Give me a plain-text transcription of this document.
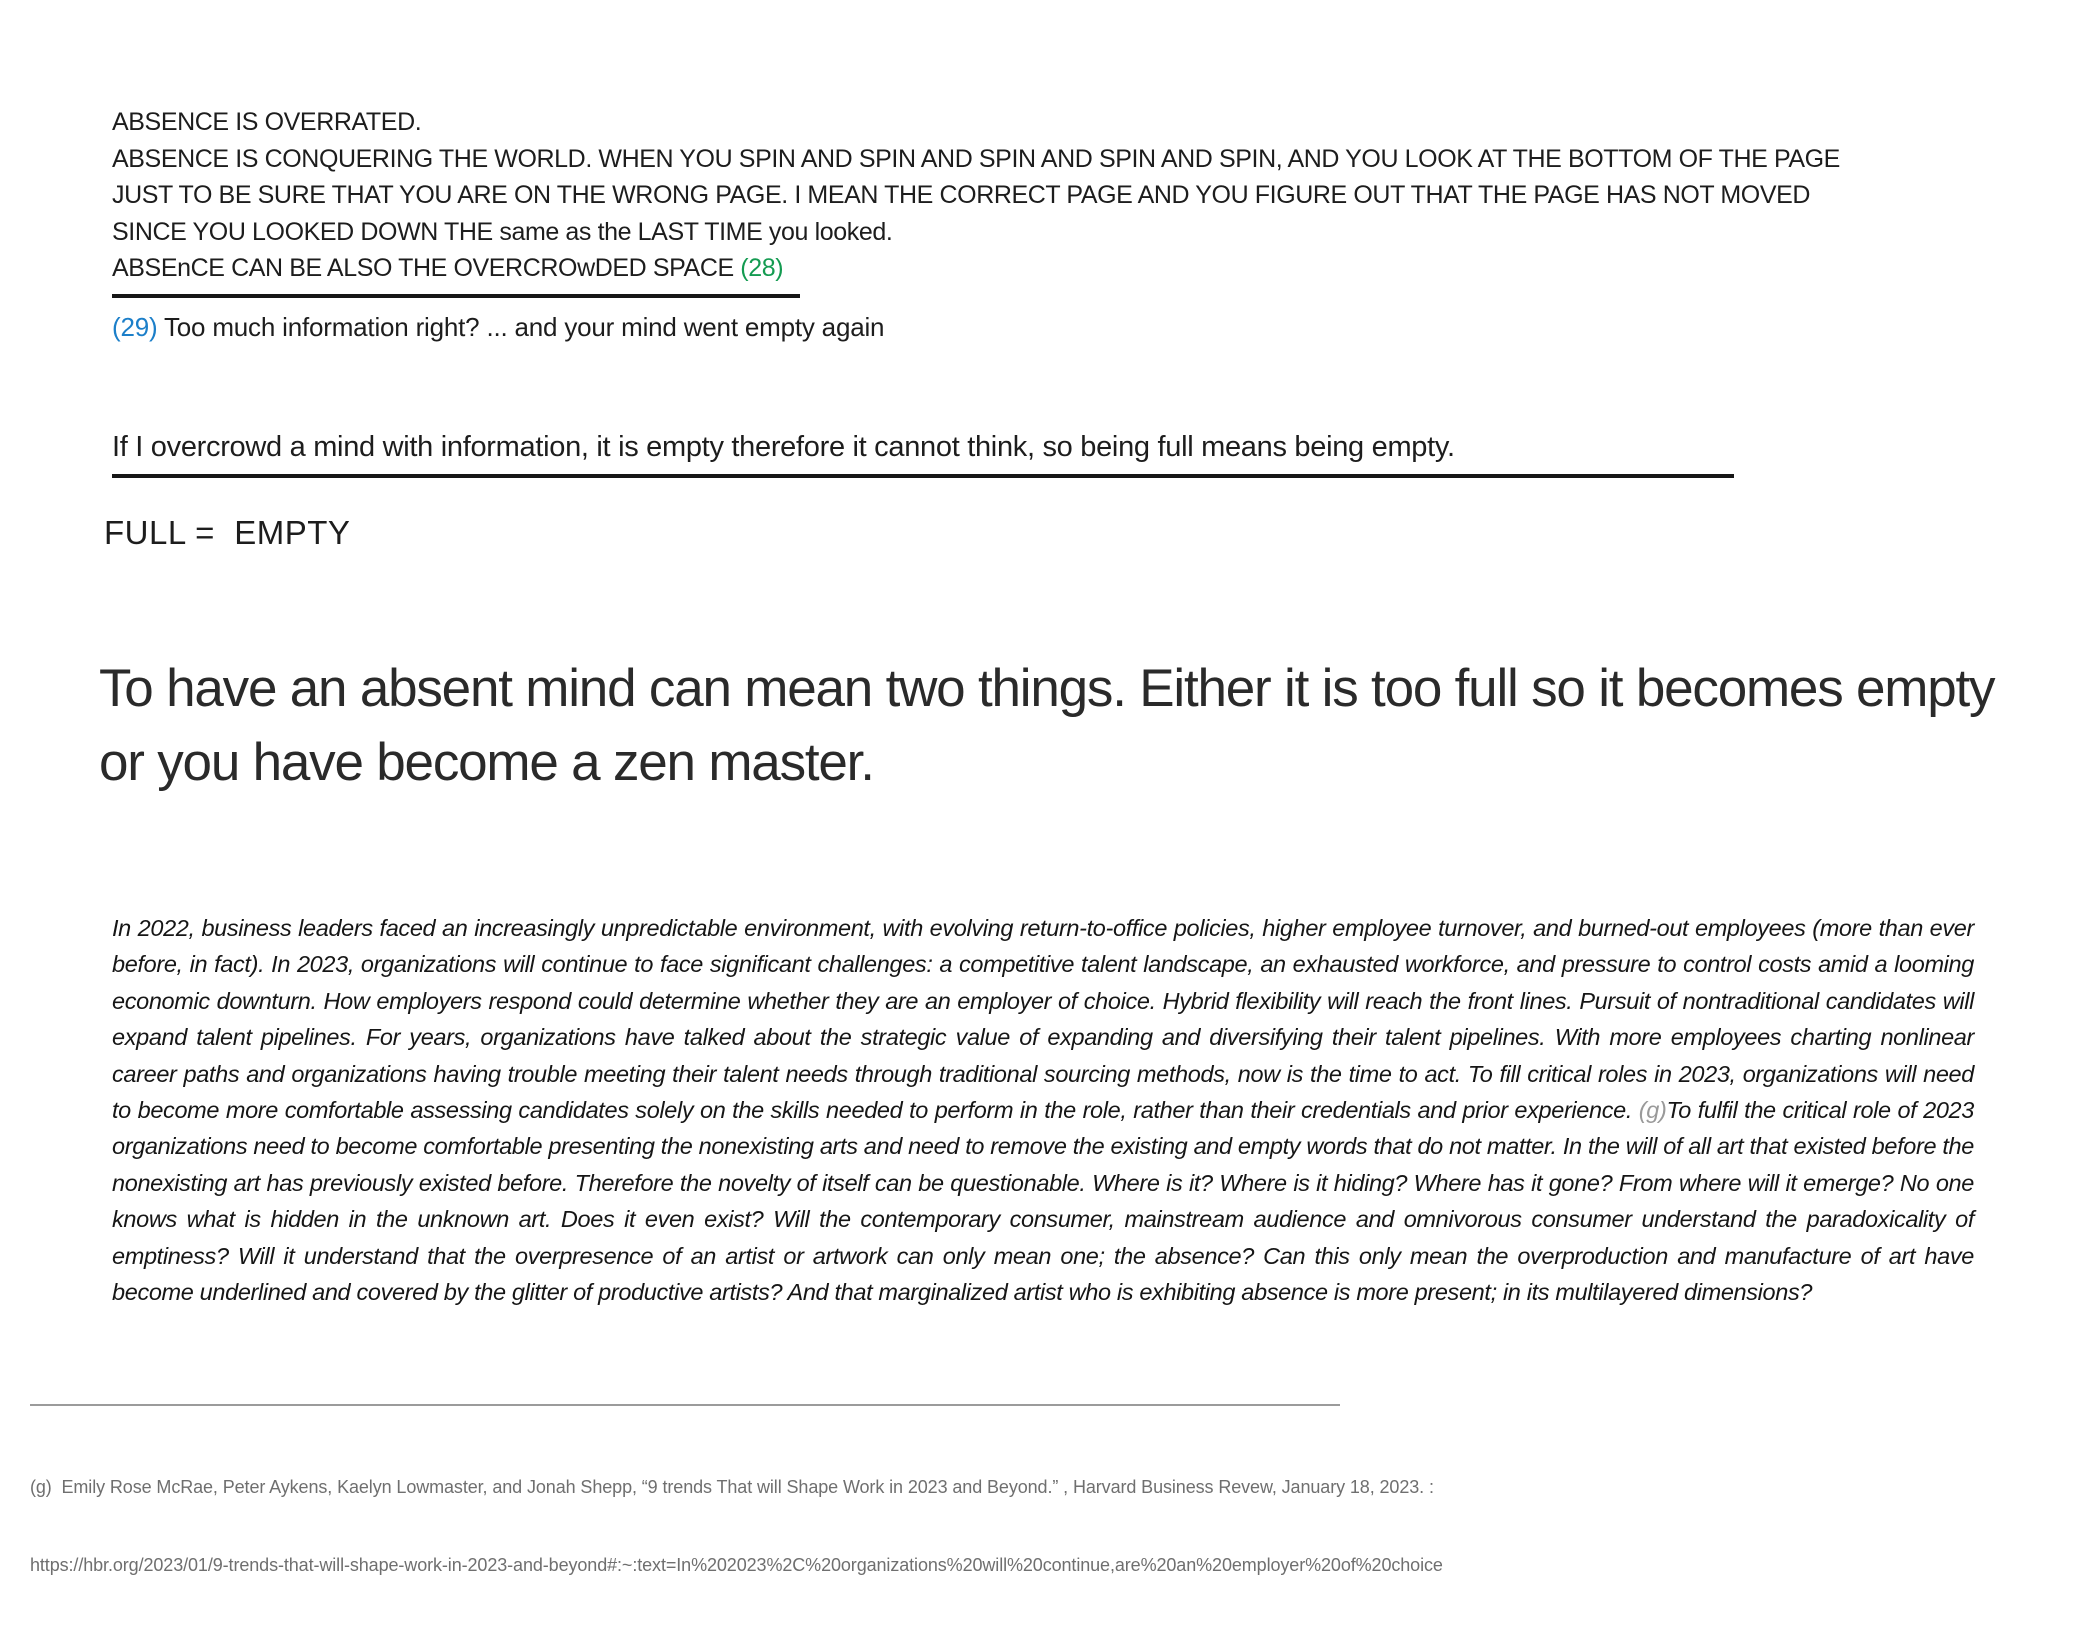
ABSENCE IS OVERRATED.
ABSENCE IS CONQUERING THE WORLD. WHEN YOU SPIN AND SPIN AND SPIN AND SPIN AND SPIN, AND YOU LOOK AT THE BOTTOM OF THE PAGE
JUST TO BE SURE THAT YOU ARE ON THE WRONG PAGE. I MEAN THE CORRECT PAGE AND YOU FIGURE OUT THAT THE PAGE HAS NOT MOVED
SINCE YOU LOOKED DOWN THE same as the LAST TIME you looked.
ABSEnCE CAN BE ALSO THE OVERCROwDED SPACE (28)
(29) Too much information right? ... and your mind went empty again
If I overcrowd a mind with information, it is empty therefore it cannot think, so being full means being empty.
FULL =  EMPTY
To have an absent mind can mean two things. Either it is too full so it becomes empty or you have become a zen master.
In 2022, business leaders faced an increasingly unpredictable environment, with evolving return-to-office policies, higher employee turnover, and burned-out employees (more than ever before, in fact). In 2023, organizations will continue to face significant challenges: a competitive talent landscape, an exhausted workforce, and pressure to control costs amid a looming economic downturn. How employers respond could determine whether they are an employer of choice. Hybrid flexibility will reach the front lines. Pursuit of nontraditional candidates will expand talent pipelines. For years, organizations have talked about the strategic value of expanding and diversifying their talent pipelines. With more employees charting nonlinear career paths and organizations having trouble meeting their talent needs through traditional sourcing methods, now is the time to act. To fill critical roles in 2023, organizations will need to become more comfortable assessing candidates solely on the skills needed to perform in the role, rather than their credentials and prior experience. (g)To fulfil the critical role of 2023 organizations need to become comfortable presenting the nonexisting arts and need to remove the existing and empty words that do not matter. In the will of all art that existed before the nonexisting art has previously existed before. Therefore the novelty of itself can be questionable. Where is it? Where is it hiding? Where has it gone? From where will it emerge? No one knows what is hidden in the unknown art. Does it even exist? Will the contemporary consumer, mainstream audience and omnivorous consumer understand the paradoxicality of emptiness? Will it understand that the overpresence of an artist or artwork can only mean one; the absence? Can this only mean the overproduction and manufacture of art have become underlined and covered by the glitter of productive artists? And that marginalized artist who is exhibiting absence is more present; in its multilayered dimensions?

(g)  Emily Rose McRae, Peter Aykens, Kaelyn Lowmaster, and Jonah Shepp, “9 trends That will Shape Work in 2023 and Beyond.” , Harvard Business Revew, January 18, 2023. :

https://hbr.org/2023/01/9-trends-that-will-shape-work-in-2023-and-beyond#:~:text=In%202023%2C%20organizations%20will%20continue,are%20an%20employer%20of%20choice
